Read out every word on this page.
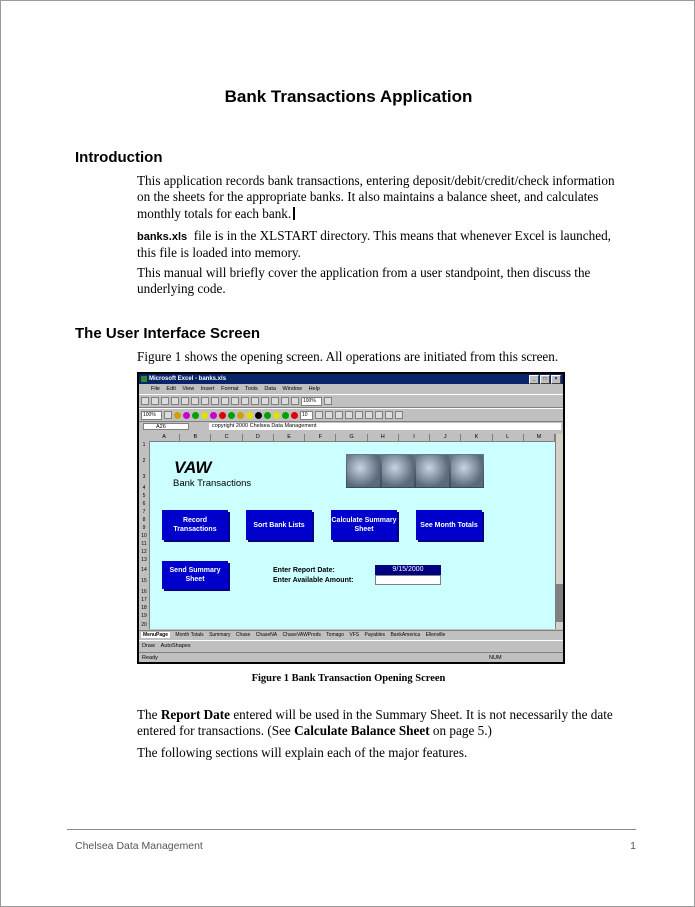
Bank Transactions Application
Introduction

This application records bank transactions, entering deposit/debit/credit/check information on the sheets for the appropriate banks. It also maintains a balance sheet, and calculates monthly totals for each bank.

banks.xls file is in the XLSTART directory. This means that whenever Excel is launched, this file is loaded into memory.

This manual will briefly cover the application from a user standpoint, then discuss the underlying code.

The User Interface Screen

Figure 1 shows the opening screen. All operations are initiated from this screen.

Microsoft Excel - banks.xls	_ □ ×
File Edit View Insert Format Tools Data Window Help
100%
100%	10
A26	copyright 2000 Chelsea Data Management
A	B	C	D	E	F	G	H	I	J	K	L	M
1
2
3
4
5
6
7
8
9
10
11
12
13
14
15
16
17
18
19
20
VAW
Bank Transactions
Record Transactions
Sort Bank Lists
Calculate Summary Sheet
See Month Totals
Send Summary Sheet
Enter Report Date:
Enter Available Amount:
9/15/2000
MenuPage Month Totals Summary Chase ChaseNA ChaseVAWProds Tomago VFS Payables BankAmerica Ellenville
Draw AutoShapes
Ready	NUM
Figure 1 Bank Transaction Opening Screen

The Report Date entered will be used in the Summary Sheet. It is not necessarily the date entered for transactions. (See Calculate Balance Sheet on page 5.)

The following sections will explain each of the major features.

Chelsea Data Management	1
